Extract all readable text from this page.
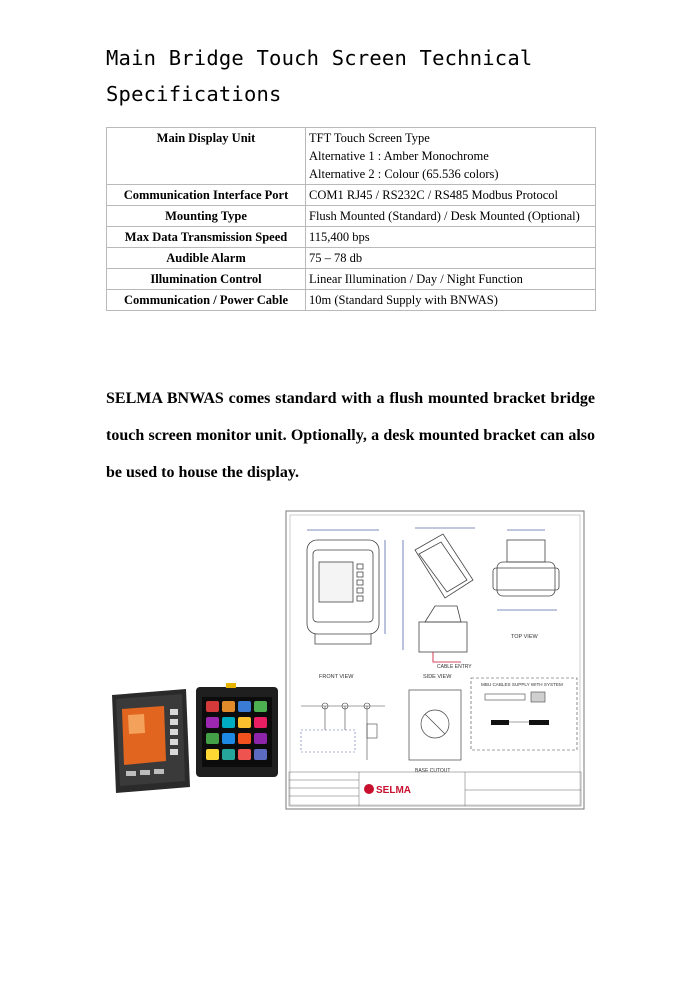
Main Bridge Touch Screen Technical
Specifications
Main Display Unit	TFT Touch Screen Type
Alternative 1 : Amber Monochrome
Alternative 2 : Colour (65.536 colors)

Communication Interface Port	COM1 RJ45 / RS232C / RS485 Modbus Protocol
Mounting Type	Flush Mounted (Standard) / Desk Mounted (Optional)
Max Data Transmission Speed	115,400 bps
Audible Alarm	75 – 78 db
Illumination Control	Linear Illumination / Day / Night Function
Communication / Power Cable	10m (Standard Supply with BNWAS)
SELMA BNWAS comes standard with a flush mounted bracket bridge touch screen monitor unit. Optionally, a desk mounted bracket can also be used to house the display.
FRONT VIEW	SIDE VIEW
CABLE ENTRY
TOP VIEW
BASE CUTOUT
MBU CABLES SUPPLY WITH SYSTEM
SELMA
